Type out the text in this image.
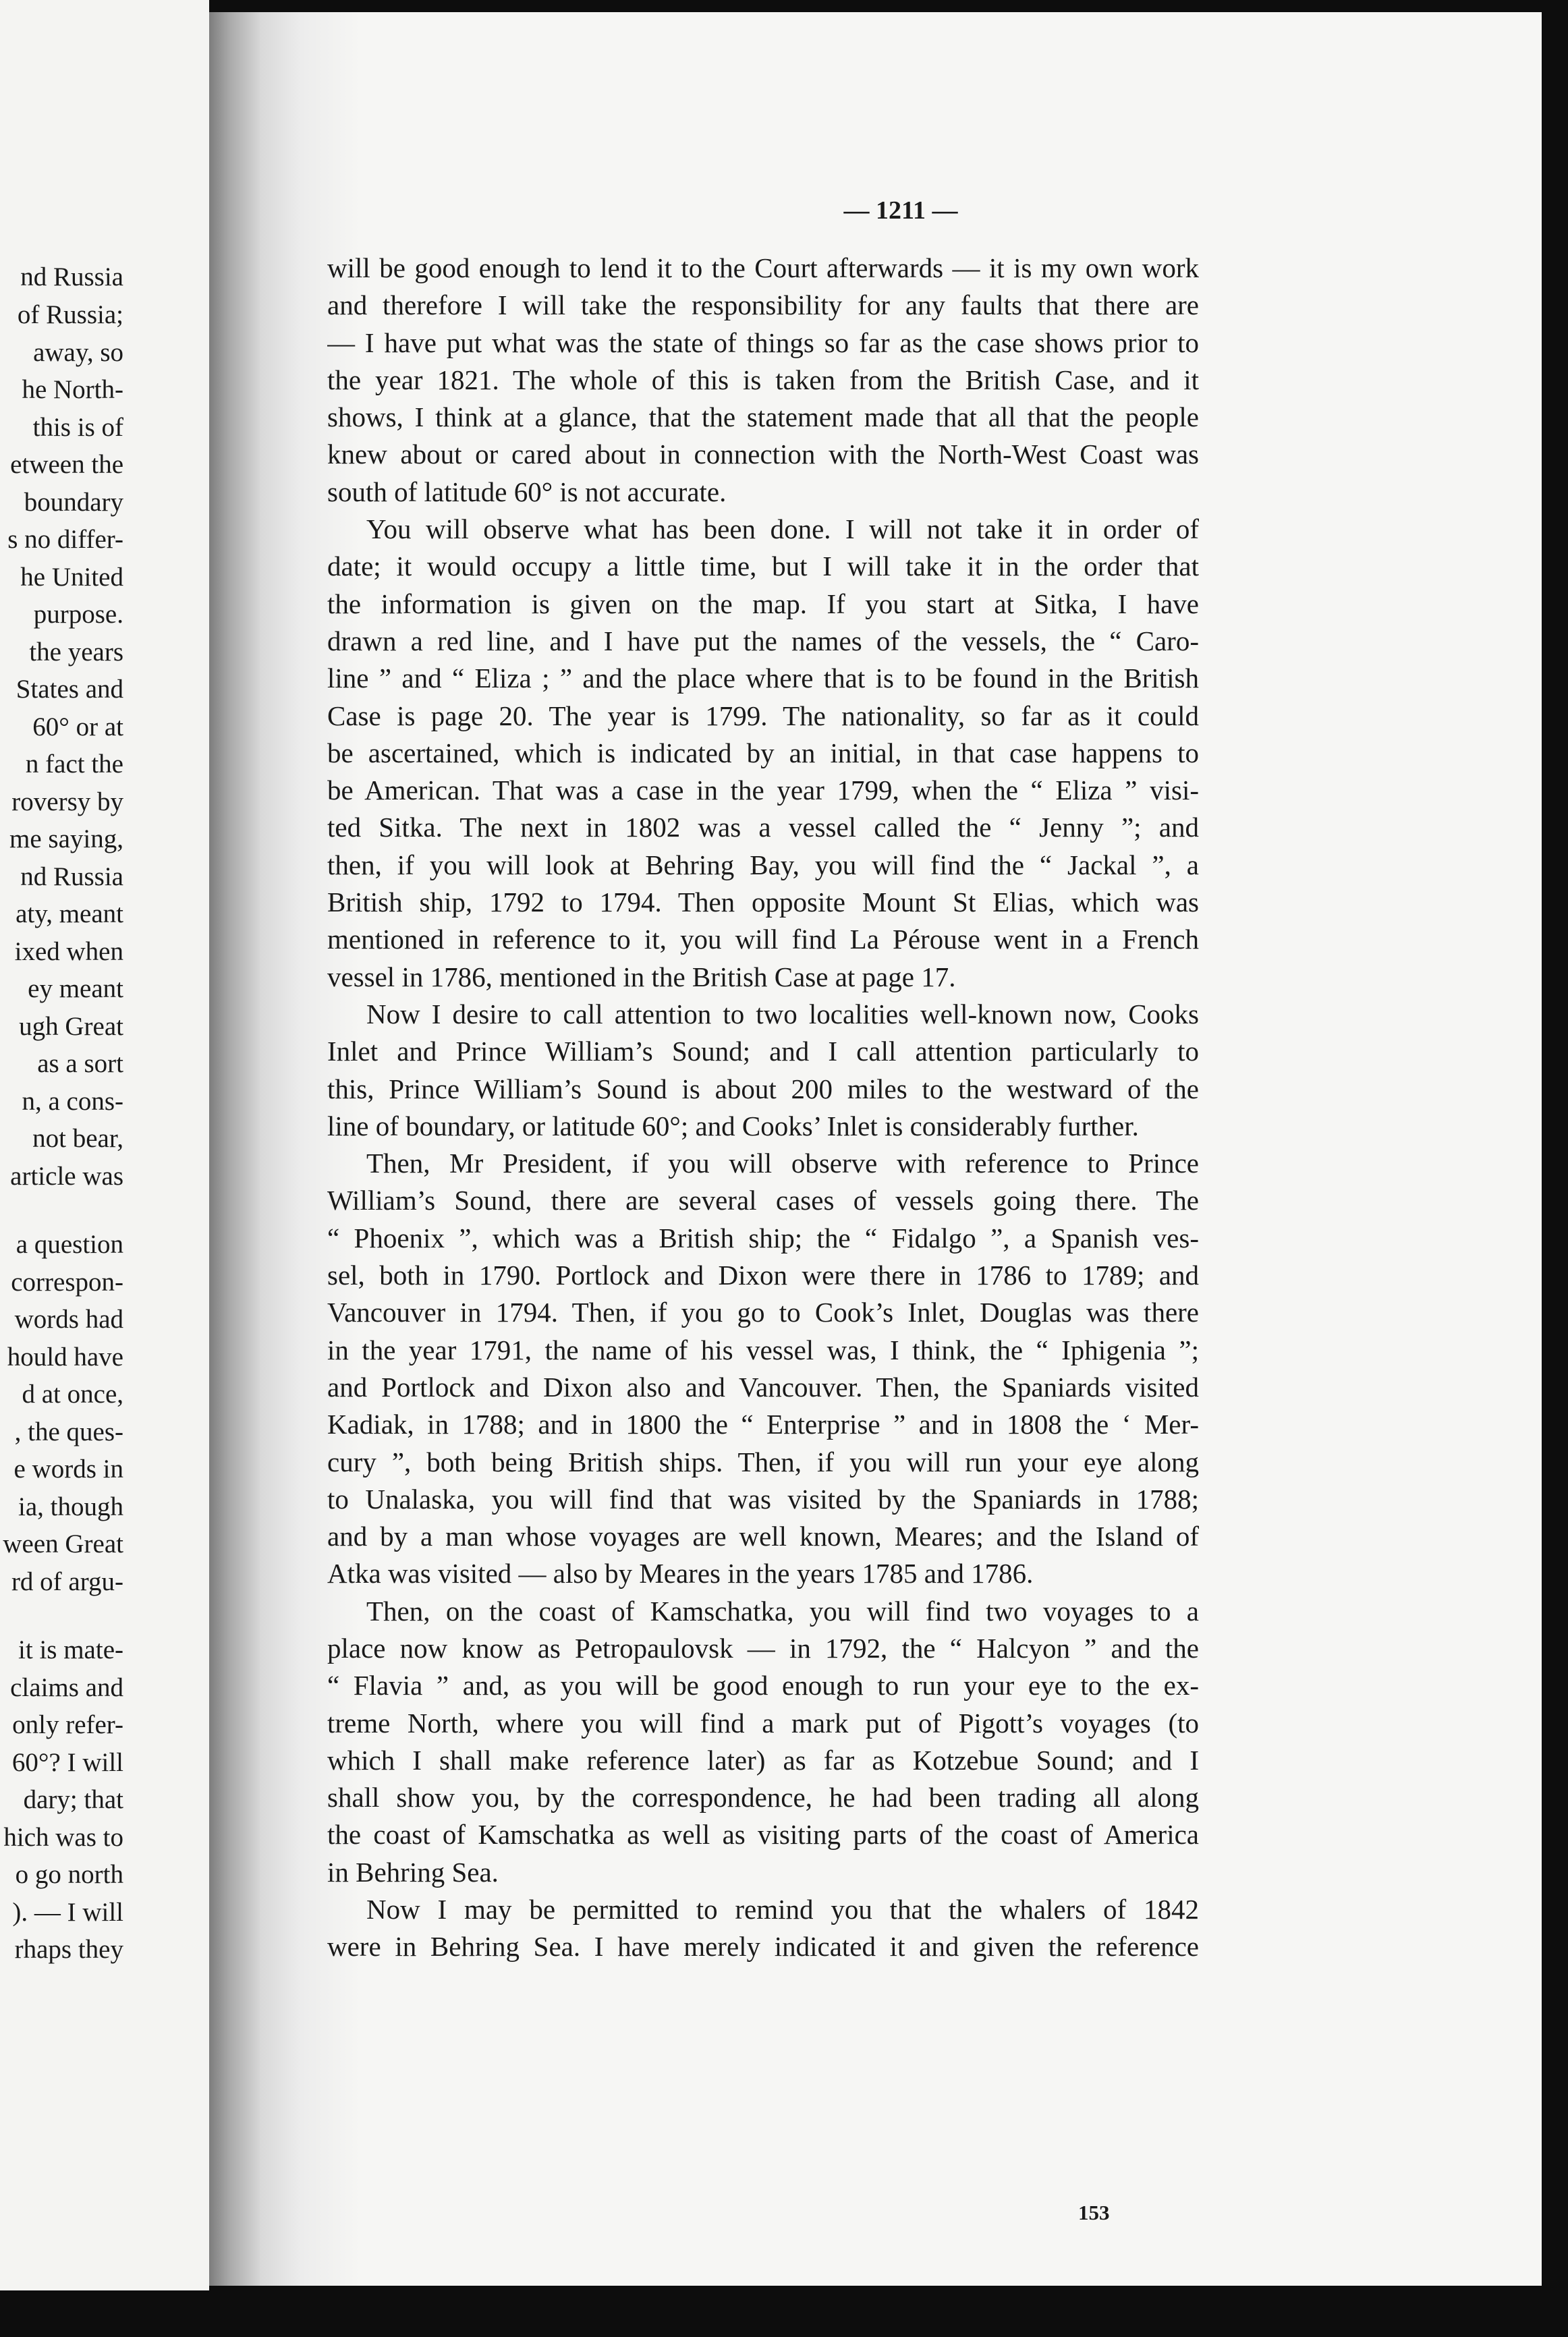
nd Russia
of Russia;
away, so
he North-
this is of
etween the
boundary
s no differ-
he United
purpose.
the years
States and
60° or at
n fact the
roversy by
me saying,
nd Russia
aty, meant
ixed when
ey meant
ugh Great
as a sort
n, a cons-
not bear,
article was
a question
correspon-
words had
hould have
d at once,
, the ques-
e words in
ia, though
ween Great
rd of argu-
it is mate-
claims and
only refer-
60°? I will
dary; that
hich was to
o go north
). — I will
rhaps they
— 1211 —
will be good enough to lend it to the Court afterwards — it is my own work
and therefore I will take the responsibility for any faults that there are
— I have put what was the state of things so far as the case shows prior to
the year 1821. The whole of this is taken from the British Case, and it
shows, I think at a glance, that the statement made that all that the people
knew about or cared about in connection with the North-West Coast was
south of latitude 60° is not accurate.
You will observe what has been done. I will not take it in order of
date; it would occupy a little time, but I will take it in the order that
the information is given on the map. If you start at Sitka, I have
drawn a red line, and I have put the names of the vessels, the “ Caro-
line ” and “ Eliza ; ” and the place where that is to be found in the British
Case is page 20. The year is 1799. The nationality, so far as it could
be ascertained, which is indicated by an initial, in that case happens to
be American. That was a case in the year 1799, when the “ Eliza ” visi-
ted Sitka. The next in 1802 was a vessel called the “ Jenny ”; and
then, if you will look at Behring Bay, you will find the “ Jackal ”, a
British ship, 1792 to 1794. Then opposite Mount St Elias, which was
mentioned in reference to it, you will find La Pérouse went in a French
vessel in 1786, mentioned in the British Case at page 17.
Now I desire to call attention to two localities well-known now, Cooks
Inlet and Prince William’s Sound; and I call attention particularly to
this, Prince William’s Sound is about 200 miles to the westward of the
line of boundary, or latitude 60°; and Cooks’ Inlet is considerably further.
Then, Mr President, if you will observe with reference to Prince
William’s Sound, there are several cases of vessels going there. The
“ Phoenix ”, which was a British ship; the “ Fidalgo ”, a Spanish ves-
sel, both in 1790. Portlock and Dixon were there in 1786 to 1789; and
Vancouver in 1794. Then, if you go to Cook’s Inlet, Douglas was there
in the year 1791, the name of his vessel was, I think, the “ Iphigenia ”;
and Portlock and Dixon also and Vancouver. Then, the Spaniards visited
Kadiak, in 1788; and in 1800 the “ Enterprise ” and in 1808 the ‘ Mer-
cury ”, both being British ships. Then, if you will run your eye along
to Unalaska, you will find that was visited by the Spaniards in 1788;
and by a man whose voyages are well known, Meares; and the Island of
Atka was visited — also by Meares in the years 1785 and 1786.
Then, on the coast of Kamschatka, you will find two voyages to a
place now know as Petropaulovsk — in 1792, the “ Halcyon ” and the
“ Flavia ” and, as you will be good enough to run your eye to the ex-
treme North, where you will find a mark put of Pigott’s voyages (to
which I shall make reference later) as far as Kotzebue Sound; and I
shall show you, by the correspondence, he had been trading all along
the coast of Kamschatka as well as visiting parts of the coast of America
in Behring Sea.
Now I may be permitted to remind you that the whalers of 1842
were in Behring Sea. I have merely indicated it and given the reference
153
